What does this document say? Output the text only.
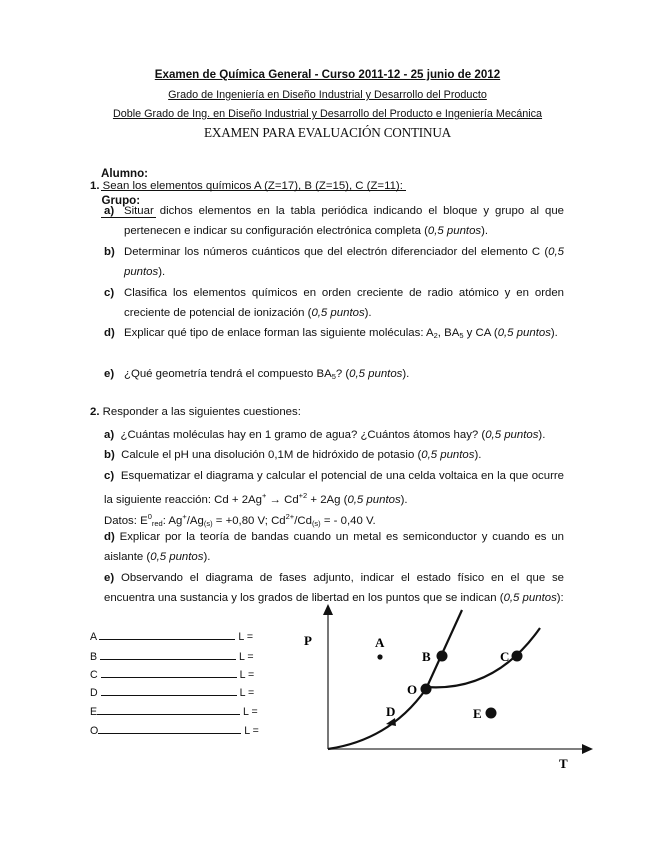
Examen de Química General - Curso 2011-12 - 25 junio de 2012
Grado de Ingeniería en Diseño Industrial y Desarrollo del Producto
Doble Grado de Ing. en Diseño Industrial y Desarrollo del Producto e Ingeniería Mecánica
EXAMEN PARA EVALUACIÓN CONTINUA

Alumno:

Grupo:

1. Sean los elementos químicos A (Z=17), B (Z=15), C (Z=11):
a) Situar dichos elementos en la tabla periódica indicando el bloque y grupo al que pertenecen e indicar su configuración electrónica completa (0,5 puntos).
b) Determinar los números cuánticos que del electrón diferenciador del elemento C (0,5 puntos).
c) Clasifica los elementos químicos en orden creciente de radio atómico y en orden creciente de potencial de ionización (0,5 puntos).
d) Explicar qué tipo de enlace forman las siguiente moléculas: $A_2$, $BA_5$ y CA (0,5 puntos).
e) ¿Qué geometría tendrá el compuesto $BA_5$? (0,5 puntos).
2. Responder a las siguientes cuestiones:
a) ¿Cuántas moléculas hay en 1 gramo de agua? ¿Cuántos átomos hay? (0,5 puntos).
b) Calcule el pH una disolución 0,1M de hidróxido de potasio (0,5 puntos).
c) Esquematizar el diagrama y calcular el potencial de una celda voltaica en la que ocurre la siguiente reacción: $Cd + 2Ag^+ \to Cd^{+2} + 2Ag$ (0,5 puntos).
Datos: $E^0_{red}$: $Ag^+/Ag_{(s)} = +0,80$ V; $Cd^{2+}/Cd_{(s)}$ = - 0,40 V.
d) Explicar por la teoría de bandas cuando un metal es semiconductor y cuando es un aislante (0,5 puntos).
e) Observando el diagrama de fases adjunto, indicar el estado físico en el que se encuentra una sustancia y los grados de libertad en los puntos que se indican (0,5 puntos):
A	L =
B	L =
C	L =
D	L =
E	L =
O	L =
P
T
A
B	C
O
D	E
